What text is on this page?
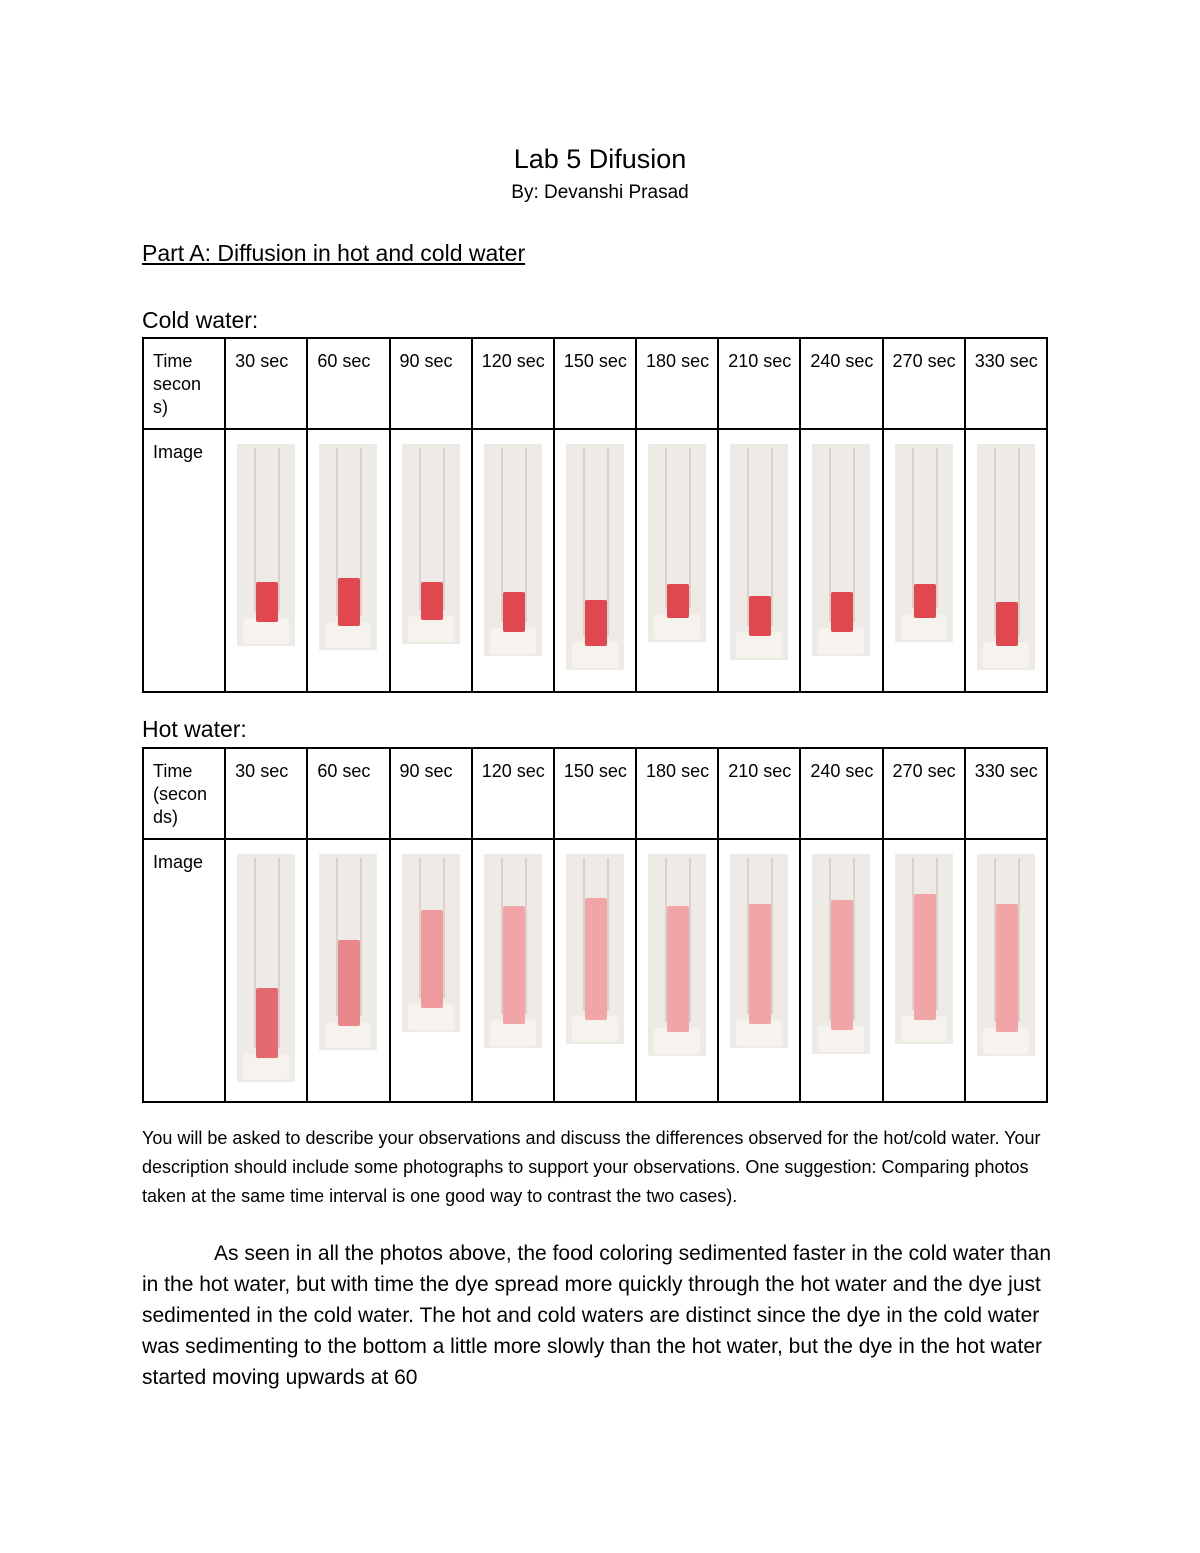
Lab 5 Difusion
By: Devanshi Prasad
Part A: Diffusion in hot and cold water
Cold water:
Time secon s)	30 sec	60 sec	90 sec	120 sec	150 sec	180 sec	210 sec	240 sec	270 sec	330 sec
Image	

Hot water:
Time (secon ds)	30 sec	60 sec	90 sec	120 sec	150 sec	180 sec	210 sec	240 sec	270 sec	330 sec
Image	

You will be asked to describe your observations and discuss the differences observed for the hot/cold water. Your description should include some photographs to support your observations. One suggestion: Comparing photos taken at the same time interval is one good way to contrast the two cases).
As seen in all the photos above, the food coloring sedimented faster in the cold water than in the hot water, but with time the dye spread more quickly through the hot water and the dye just sedimented in the cold water. The hot and cold waters are distinct since the dye in the cold water was sedimenting to the bottom a little more slowly than the hot water, but the dye in the hot water started moving upwards at 60
